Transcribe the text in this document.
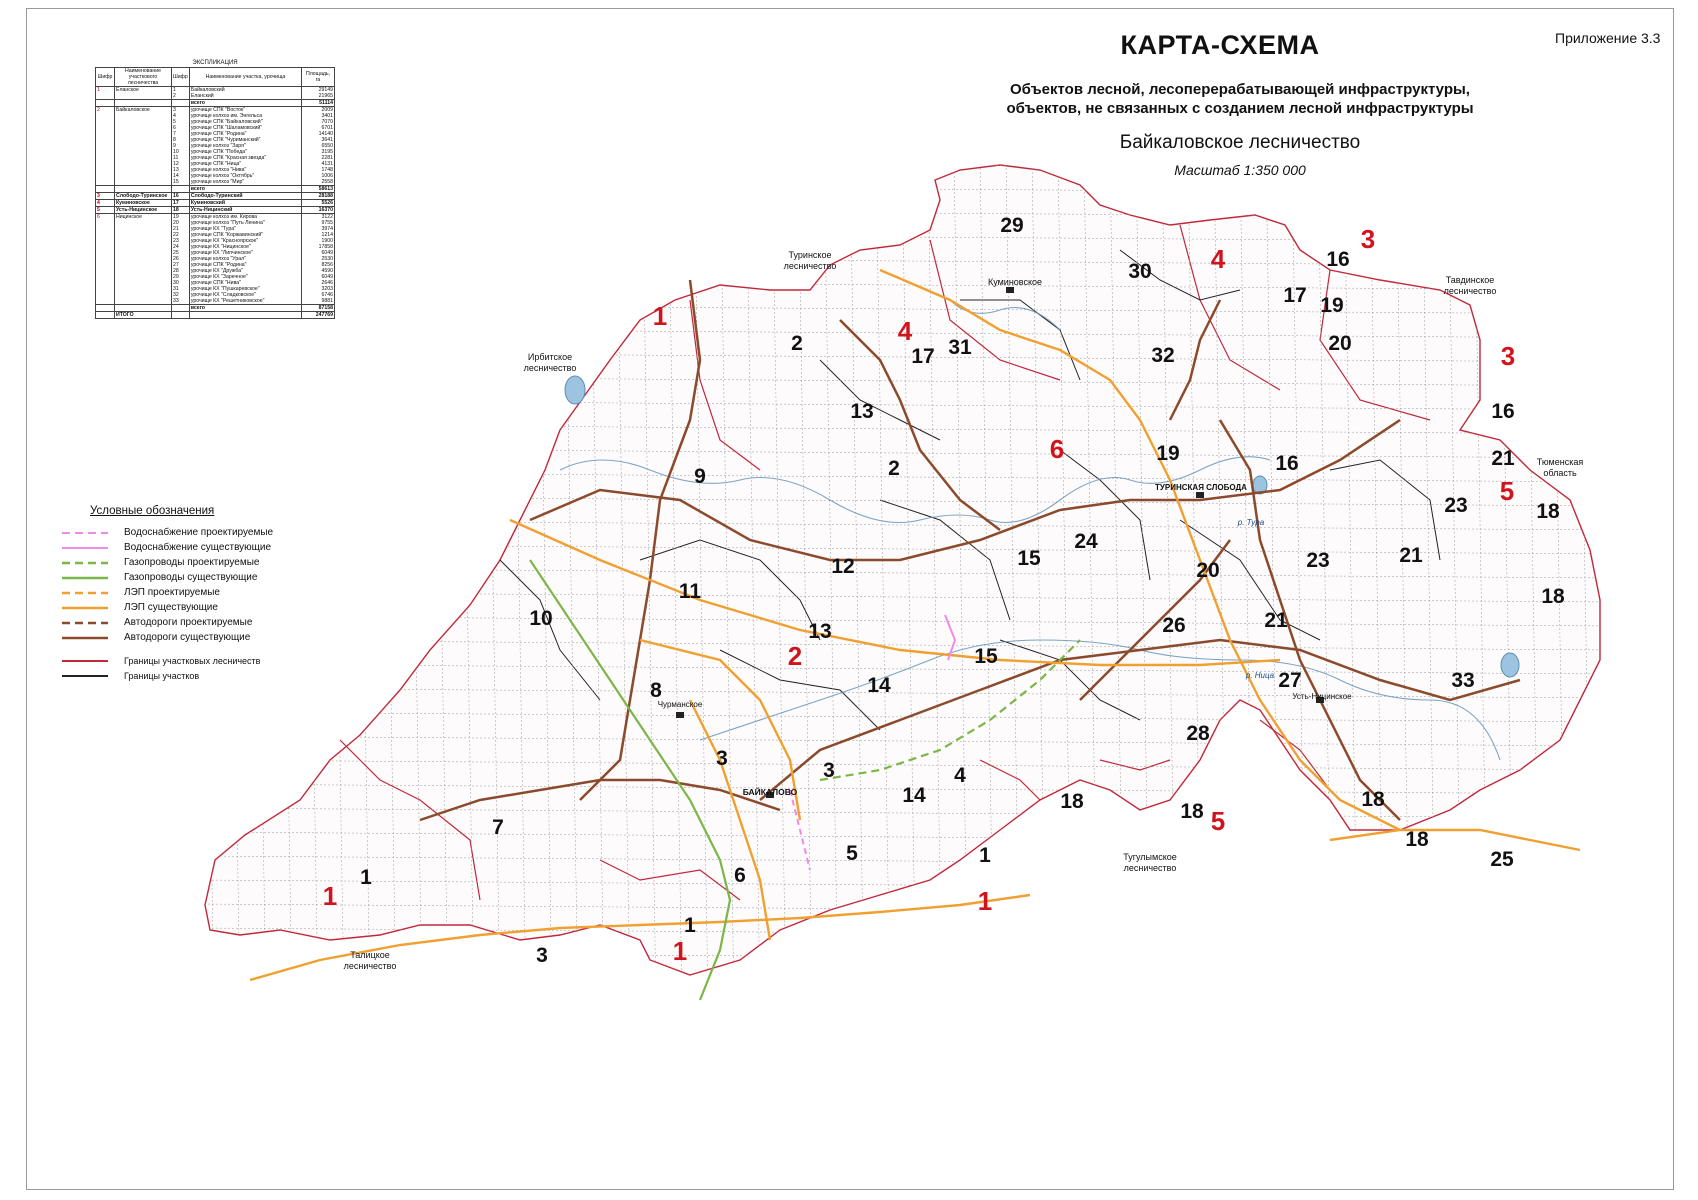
Приложение 3.3
КАРТА-СХЕМА
Объектов лесной, лесоперерабатывающей инфраструктуры,
объектов, не связанных с созданием лесной инфраструктуры
Байкаловское лесничество
Масштаб 1:350 000
ЭКСПЛИКАЦИЯ
Шифр	Наименование участкового лесничества	Шифр	Наименование участка, урочища	Площадь, га
1	Еланское	1	Байкаловский	29149
		2	Еланский	21965
			всего	51114
2	Байкаловское	3	урочище СПК "Восток"	2009
		4	урочище колхоз им. Энгельса	3401
		5	урочище СПК "Байкаловский"	7070
		6	урочище СПК "Шаламовский"	6701
		7	урочище СПК "Родина"	14140
		8	урочище СПК "Чуриманский"	3641
		9	урочище колхоз "Заря"	6550
		10	урочище СПК "Победа"	3195
		11	урочище СПК "Красная звезда"	2281
		12	урочище СПК "Ница"	4131
		13	урочище колхоз "Нива"	1748
		14	урочище колхоз "Октябрь"	1006
		15	урочище колхоз "Мир"	2558
			всего	58613
3	Слободо-Туринское	16	Слободо-Туринский	28188
4	Куминовское	17	Куминовский	5526
5	Усть-Ницинское	18	Усть-Ницинский	16370
6	Ницинское	19	урочище колхоз им. Кирова	3122
		20	урочище колхоз "Путь Ленина"	9755
		21	урочище КХ "Тура"	3974
		22	урочище СПК "Коржавинский"	1214
		23	урочище КХ "Красноярское"	1900
		24	урочище КХ "Ницинское"	17858
		25	урочище КХ "Липчинское"	6049
		26	урочище колхоз "Урал"	2530
		27	урочище СПК "Родина"	8256
		28	урочище КХ "Дружба"	4590
		29	урочище КХ "Заречное"	6049
		30	урочище СПК "Нива"	2646
		31	урочище КХ "Пушкаревское"	3203
		32	урочище КХ "Сладковское"	6746
		33	урочище КХ "Решетниковское"	9881
			всего	87158
	ИТОГО			247769
Условные обозначения
Водоснабжение проектируемые
Водоснабжение существующие
Газопроводы проектируемые
Газопроводы существующие
ЛЭП проектируемые
ЛЭП существующие
Автодороги проектируемые
Автодороги существующие
Границы участковых лесничеств
Границы участков
1
1
1
1
2
3
3
4
4
5
5
6
29
30
17 31	32
16
17 19
20
16
2
13
2
9
19	16	21
23	18
24
15
12
11
20	23	21
18
10
13
15
14
26	21
27	33
8
3
28
3
14
4
18	18
18
7
5	1
18
25
1	6
1
3
Куминовское
ТУРИНСКАЯ СЛОБОДА
Чурманское
БАЙКАЛОВО
Усть-Ницинское
р. Тура
р. Ница
Туринское лесничество
Ирбитское лесничество
Тавдинское лесничество
Тюменская область
Тугулымское лесничество
Талицкое лесничество
